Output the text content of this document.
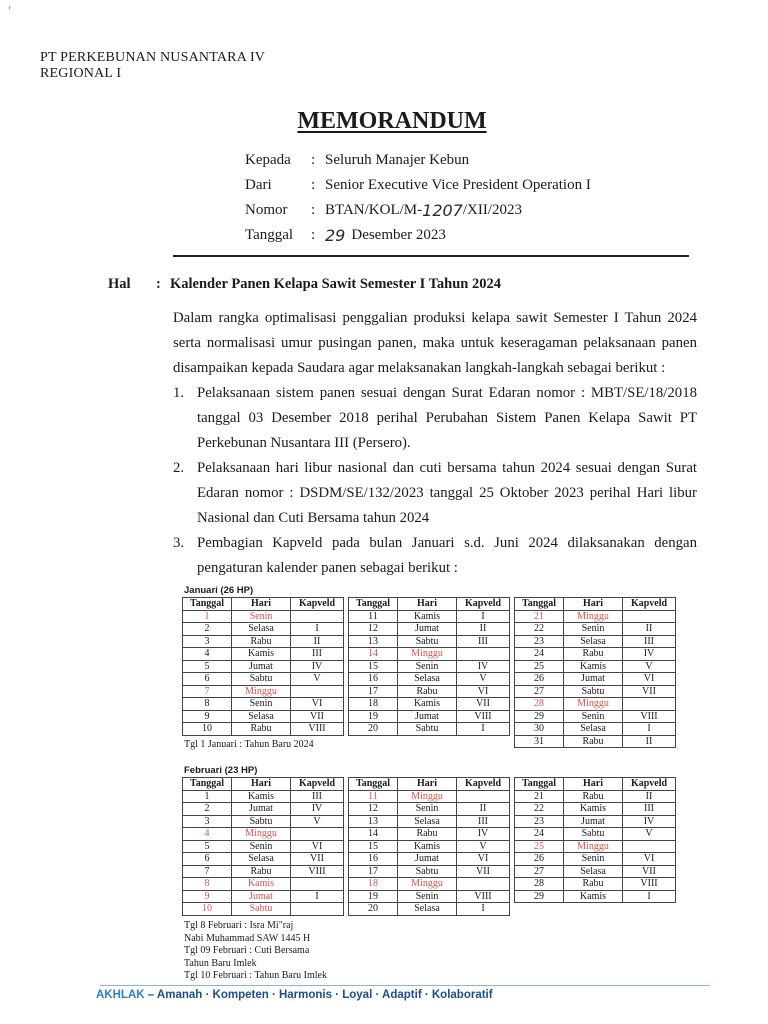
›
PT PERKEBUNAN NUSANTARA IV
REGIONAL I
MEMORANDUM
Kepada	: Seluruh Manajer Kebun
Dari	: Senior Executive Vice President Operation I
Nomor	: BTAN/KOL/M- 1207 /XII/2023
Tanggal	: 29 Desember 2023
Hal	: Kalender Panen Kelapa Sawit Semester I Tahun 2024
Dalam rangka optimalisasi penggalian produksi kelapa sawit Semester I Tahun 2024 serta normalisasi umur pusingan panen, maka untuk keseragaman pelaksanaan panen disampaikan kepada Saudara agar melaksanakan langkah-langkah sebagai berikut :
1. Pelaksanaan sistem panen sesuai dengan Surat Edaran nomor : MBT/SE/18/2018 tanggal 03 Desember 2018 perihal Perubahan Sistem Panen Kelapa Sawit PT Perkebunan Nusantara III (Persero).
2. Pelaksanaan hari libur nasional dan cuti bersama tahun 2024 sesuai dengan Surat Edaran nomor : DSDM/SE/132/2023 tanggal 25 Oktober 2023 perihal Hari libur Nasional dan Cuti Bersama tahun 2024
3. Pembagian Kapveld pada bulan Januari s.d. Juni 2024 dilaksanakan dengan pengaturan kalender panen sebagai berikut :
Januari (26 HP)
Tanggal	Hari	Kapveld
1	Senin	
2	Selasa	I
3	Rabu	II
4	Kamis	III
5	Jumat	IV
6	Sabtu	V
7	Minggu	
8	Senin	VI
9	Selasa	VII
10	Rabu	VIII
Tanggal	Hari	Kapveld
11	Kamis	I
12	Jumat	II
13	Sabtu	III
14	Minggu	
15	Senin	IV
16	Selasa	V
17	Rabu	VI
18	Kamis	VII
19	Jumat	VIII
20	Sabtu	I
Tanggal	Hari	Kapveld
21	Minggu	
22	Senin	II
23	Selasa	III
24	Rabu	IV
25	Kamis	V
26	Jumat	VI
27	Sabtu	VII
28	Minggu	
29	Senin	VIII
30	Selasa	I
31	Rabu	II
Tgl 1 Januari : Tahun Baru 2024
Februari (23 HP)
Tanggal	Hari	Kapveld
1	Kamis	III
2	Jumat	IV
3	Sabtu	V
4	Minggu	
5	Senin	VI
6	Selasa	VII
7	Rabu	VIII
8	Kamis	
9	Jumat	I
10	Sabtu	
Tanggal	Hari	Kapveld
11	Minggu	
12	Senin	II
13	Selasa	III
14	Rabu	IV
15	Kamis	V
16	Jumat	VI
17	Sabtu	VII
18	Minggu	
19	Senin	VIII
20	Selasa	I
Tanggal	Hari	Kapveld
21	Rabu	II
22	Kamis	III
23	Jumat	IV
24	Sabtu	V
25	Minggu	
26	Senin	VI
27	Selasa	VII
28	Rabu	VIII
29	Kamis	I
Tgl 8 Februari : Isra Mi"raj
Nabi Muhammad SAW 1445 H
Tgl 09 Februari : Cuti Bersama
Tahun Baru Imlek
Tgl 10 Februari : Tahun Baru Imlek
AKHLAK – Amanah · Kompeten · Harmonis · Loyal · Adaptif · Kolaboratif
